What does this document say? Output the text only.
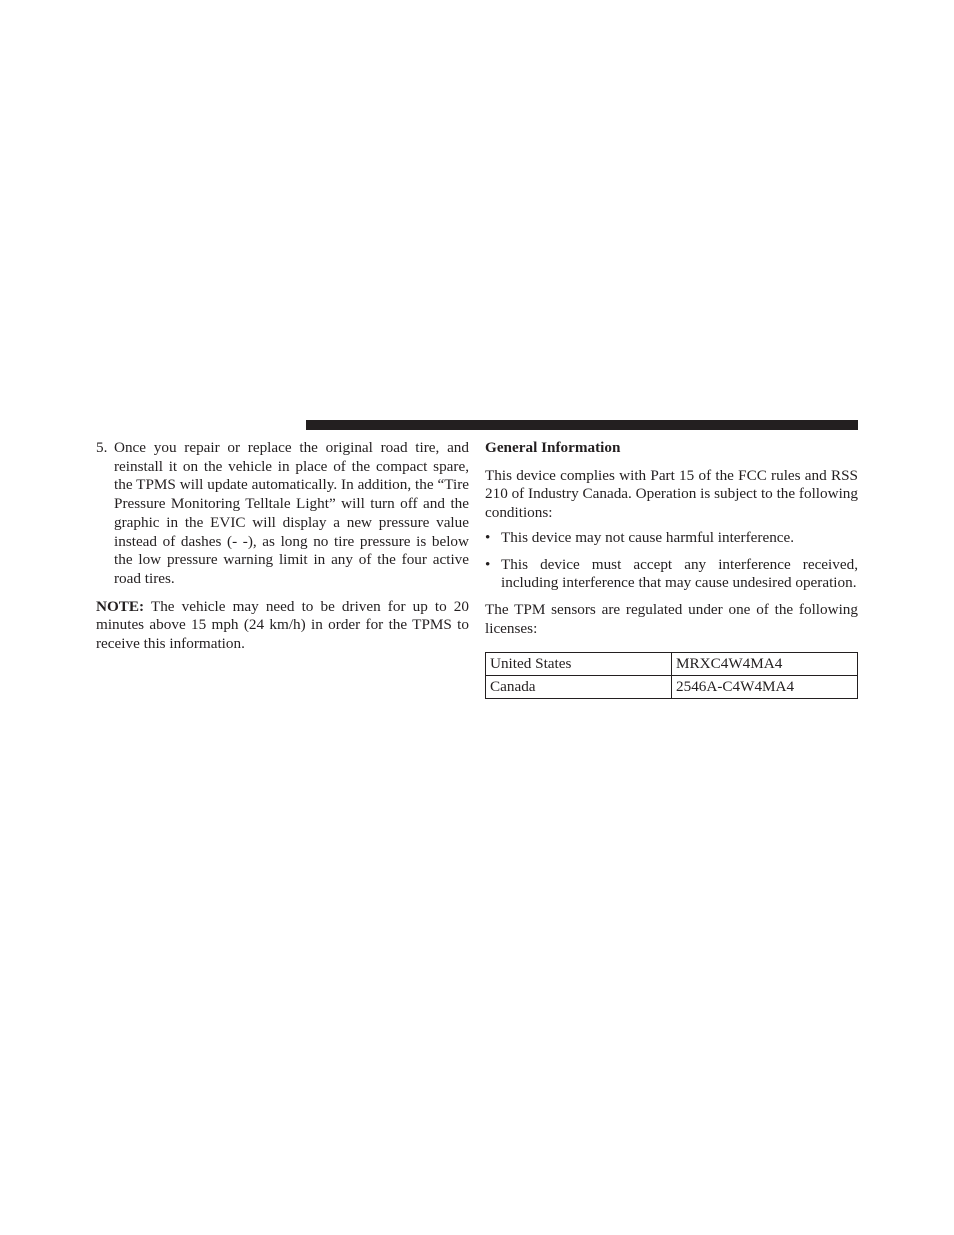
5. Once you repair or replace the original road tire, and reinstall it on the vehicle in place of the compact spare, the TPMS will update automatically. In addition, the “Tire Pressure Monitoring Telltale Light” will turn off and the graphic in the EVIC will display a new pressure value instead of dashes (- -), as long no tire pressure is below the low pressure warning limit in any of the four active road tires.

NOTE: The vehicle may need to be driven for up to 20 minutes above 15 mph (24 km/h) in order for the TPMS to receive this information.

General Information

This device complies with Part 15 of the FCC rules and RSS 210 of Industry Canada. Operation is subject to the following conditions:

• This device may not cause harmful interference.
• This device must accept any interference received, including interference that may cause undesired operation.

The TPM sensors are regulated under one of the following licenses:

United States	MRXC4W4MA4
Canada	2546A-C4W4MA4
